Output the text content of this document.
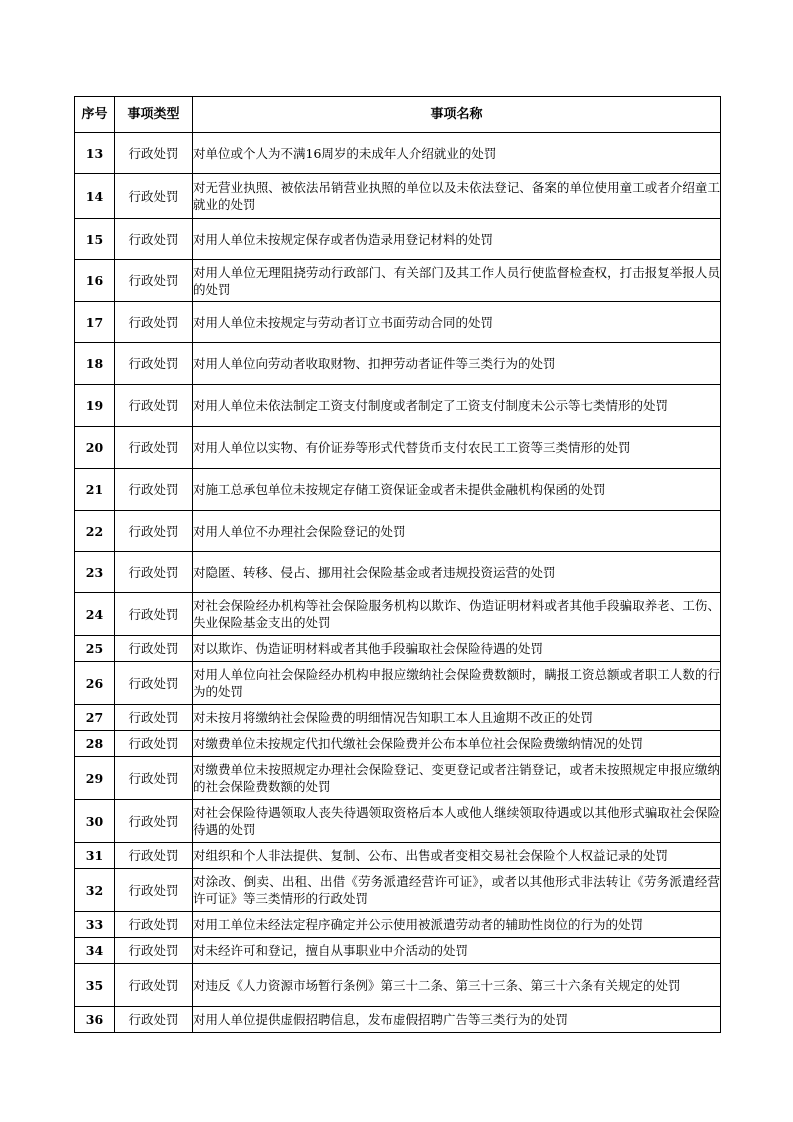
序号	事项类型	事项名称
13	行政处罚	对单位或个人为不满16周岁的未成年人介绍就业的处罚
14	行政处罚	对无营业执照、被依法吊销营业执照的单位以及未依法登记、备案的单位使用童工或者介绍童工就业的处罚
15	行政处罚	对用人单位未按规定保存或者伪造录用登记材料的处罚
16	行政处罚	对用人单位无理阻挠劳动行政部门、有关部门及其工作人员行使监督检查权，打击报复举报人员的处罚
17	行政处罚	对用人单位未按规定与劳动者订立书面劳动合同的处罚
18	行政处罚	对用人单位向劳动者收取财物、扣押劳动者证件等三类行为的处罚
19	行政处罚	对用人单位未依法制定工资支付制度或者制定了工资支付制度未公示等七类情形的处罚
20	行政处罚	对用人单位以实物、有价证券等形式代替货币支付农民工工资等三类情形的处罚
21	行政处罚	对施工总承包单位未按规定存储工资保证金或者未提供金融机构保函的处罚
22	行政处罚	对用人单位不办理社会保险登记的处罚
23	行政处罚	对隐匿、转移、侵占、挪用社会保险基金或者违规投资运营的处罚
24	行政处罚	对社会保险经办机构等社会保险服务机构以欺诈、伪造证明材料或者其他手段骗取养老、工伤、失业保险基金支出的处罚
25	行政处罚	对以欺诈、伪造证明材料或者其他手段骗取社会保险待遇的处罚
26	行政处罚	对用人单位向社会保险经办机构申报应缴纳社会保险费数额时，瞒报工资总额或者职工人数的行为的处罚
27	行政处罚	对未按月将缴纳社会保险费的明细情况告知职工本人且逾期不改正的处罚
28	行政处罚	对缴费单位未按规定代扣代缴社会保险费并公布本单位社会保险费缴纳情况的处罚
29	行政处罚	对缴费单位未按照规定办理社会保险登记、变更登记或者注销登记，或者未按照规定申报应缴纳的社会保险费数额的处罚
30	行政处罚	对社会保险待遇领取人丧失待遇领取资格后本人或他人继续领取待遇或以其他形式骗取社会保险待遇的处罚
31	行政处罚	对组织和个人非法提供、复制、公布、出售或者变相交易社会保险个人权益记录的处罚
32	行政处罚	对涂改、倒卖、出租、出借《劳务派遣经营许可证》，或者以其他形式非法转让《劳务派遣经营许可证》等三类情形的行政处罚
33	行政处罚	对用工单位未经法定程序确定并公示使用被派遣劳动者的辅助性岗位的行为的处罚
34	行政处罚	对未经许可和登记，擅自从事职业中介活动的处罚
35	行政处罚	对违反《人力资源市场暂行条例》第三十二条、第三十三条、第三十六条有关规定的处罚
36	行政处罚	对用人单位提供虚假招聘信息，发布虚假招聘广告等三类行为的处罚
